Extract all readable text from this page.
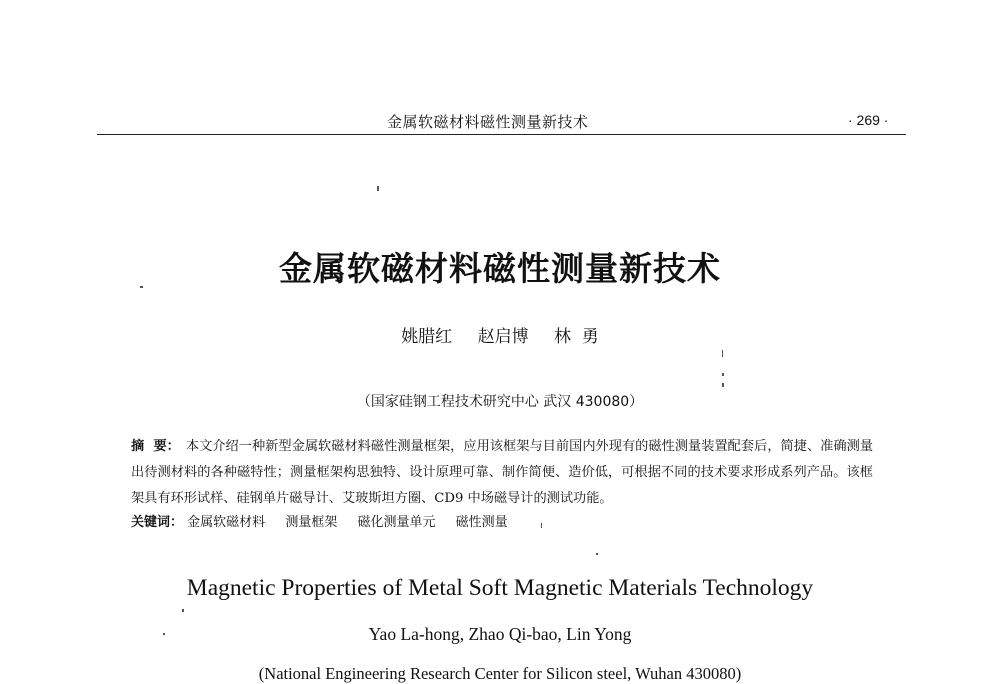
金属软磁材料磁性测量新技术	· 269 ·
金属软磁材料磁性测量新技术
姚腊红 赵启博 林  勇
（国家硅钢工程技术研究中心 武汉 430080）
摘  要： 本文介绍一种新型金属软磁材料磁性测量框架，应用该框架与目前国内外现有的磁性测量装置配套后，简捷、准确测量出待测材料的各种磁特性；测量框架构思独特、设计原理可靠、制作简便、造价低，可根据不同的技术要求形成系列产品。该框架具有环形试样、硅钢单片磁导计、艾玻斯坦方圈、CD9 中场磁导计的测试功能。
关键词： 金属软磁材料 测量框架 磁化测量单元 磁性测量
Magnetic Properties of Metal Soft Magnetic Materials Technology
Yao La-hong, Zhao Qi-bao, Lin Yong
(National Engineering Research Center for Silicon steel, Wuhan 430080)
